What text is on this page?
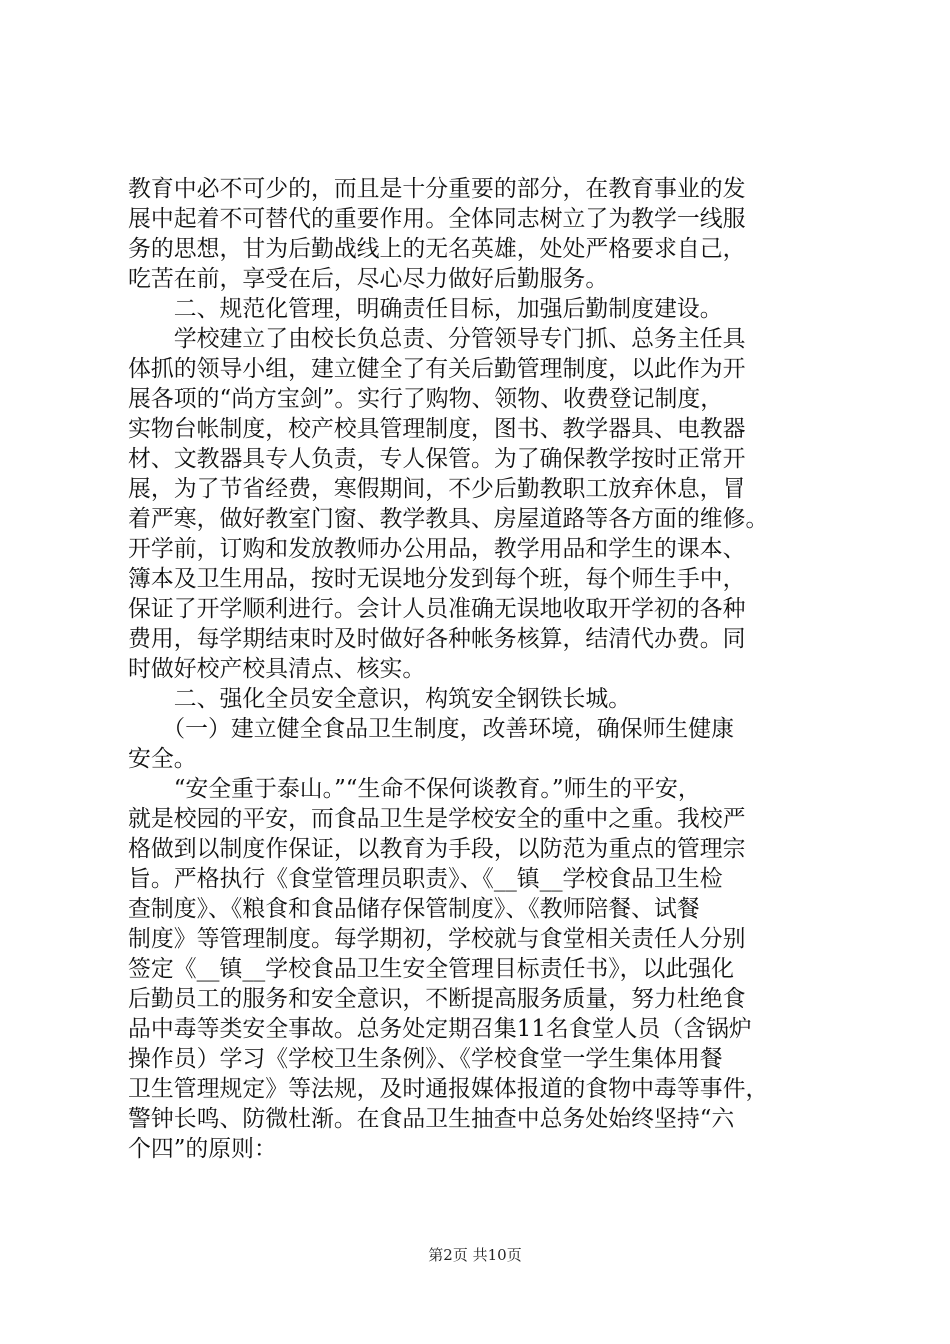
教育中必不可少的，而且是十分重要的部分，在教育事业的发
展中起着不可替代的重要作用。全体同志树立了为教学一线服
务的思想，甘为后勤战线上的无名英雄，处处严格要求自己，
吃苦在前，享受在后，尽心尽力做好后勤服务。
　　二、规范化管理，明确责任目标，加强后勤制度建设。
　　学校建立了由校长负总责、分管领导专门抓、总务主任具
体抓的领导小组，建立健全了有关后勤管理制度，以此作为开
展各项的“尚方宝剑”。实行了购物、领物、收费登记制度，
实物台帐制度，校产校具管理制度，图书、教学器具、电教器
材、文教器具专人负责，专人保管。为了确保教学按时正常开
展，为了节省经费，寒假期间，不少后勤教职工放弃休息，冒
着严寒，做好教室门窗、教学教具、房屋道路等各方面的维修。
开学前，订购和发放教师办公用品，教学用品和学生的课本、
簿本及卫生用品，按时无误地分发到每个班，每个师生手中，
保证了开学顺利进行。会计人员准确无误地收取开学初的各种
费用，每学期结束时及时做好各种帐务核算，结清代办费。同
时做好校产校具清点、核实。
　　二、强化全员安全意识，构筑安全钢铁长城。
　　（一）建立健全食品卫生制度，改善环境，确保师生健康
安全。
　　“安全重于泰山。”“生命不保何谈教育。”师生的平安，
就是校园的平安，而食品卫生是学校安全的重中之重。我校严
格做到以制度作保证，以教育为手段，以防范为重点的管理宗
旨。严格执行《食堂管理员职责》、《__镇__学校食品卫生检
查制度》、《粮食和食品储存保管制度》、《教师陪餐、试餐
制度》等管理制度。每学期初，学校就与食堂相关责任人分别
签定《__镇__学校食品卫生安全管理目标责任书》，以此强化
后勤员工的服务和安全意识，不断提高服务质量，努力杜绝食
品中毒等类安全事故。总务处定期召集11名食堂人员（含锅炉
操作员）学习《学校卫生条例》、《学校食堂一学生集体用餐
卫生管理规定》等法规，及时通报媒体报道的食物中毒等事件，
警钟长鸣、防微杜渐。在食品卫生抽查中总务处始终坚持“六
个四”的原则：
第2页 共10页
